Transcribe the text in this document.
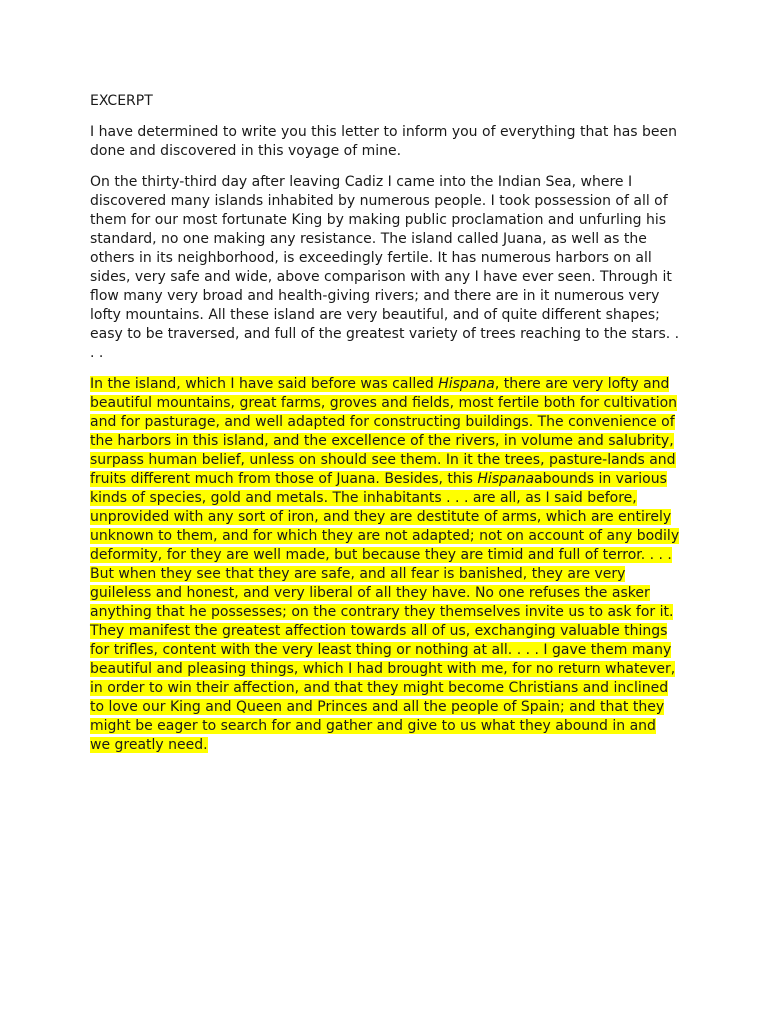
EXCERPT

I have determined to write you this letter to inform you of everything that has been done and discovered in this voyage of mine.

On the thirty-third day after leaving Cadiz I came into the Indian Sea, where I discovered many islands inhabited by numerous people. I took possession of all of them for our most fortunate King by making public proclamation and unfurling his standard, no one making any resistance. The island called Juana, as well as the others in its neighborhood, is exceedingly fertile. It has numerous harbors on all sides, very safe and wide, above comparison with any I have ever seen. Through it flow many very broad and health-giving rivers; and there are in it numerous very lofty mountains. All these island are very beautiful, and of quite different shapes; easy to be traversed, and full of the greatest variety of trees reaching to the stars. . . .

In the island, which I have said before was called Hispana, there are very lofty and beautiful mountains, great farms, groves and fields, most fertile both for cultivation and for pasturage, and well adapted for constructing buildings. The convenience of the harbors in this island, and the excellence of the rivers, in volume and salubrity, surpass human belief, unless on should see them. In it the trees, pasture-lands and fruits different much from those of Juana. Besides, this Hispanaabounds in various kinds of species, gold and metals. The inhabitants . . . are all, as I said before, unprovided with any sort of iron, and they are destitute of arms, which are entirely unknown to them, and for which they are not adapted; not on account of any bodily deformity, for they are well made, but because they are timid and full of terror. . . . But when they see that they are safe, and all fear is banished, they are very guileless and honest, and very liberal of all they have. No one refuses the asker anything that he possesses; on the contrary they themselves invite us to ask for it. They manifest the greatest affection towards all of us, exchanging valuable things for trifles, content with the very least thing or nothing at all. . . . I gave them many beautiful and pleasing things, which I had brought with me, for no return whatever, in order to win their affection, and that they might become Christians and inclined to love our King and Queen and Princes and all the people of Spain; and that they might be eager to search for and gather and give to us what they abound in and we greatly need.
